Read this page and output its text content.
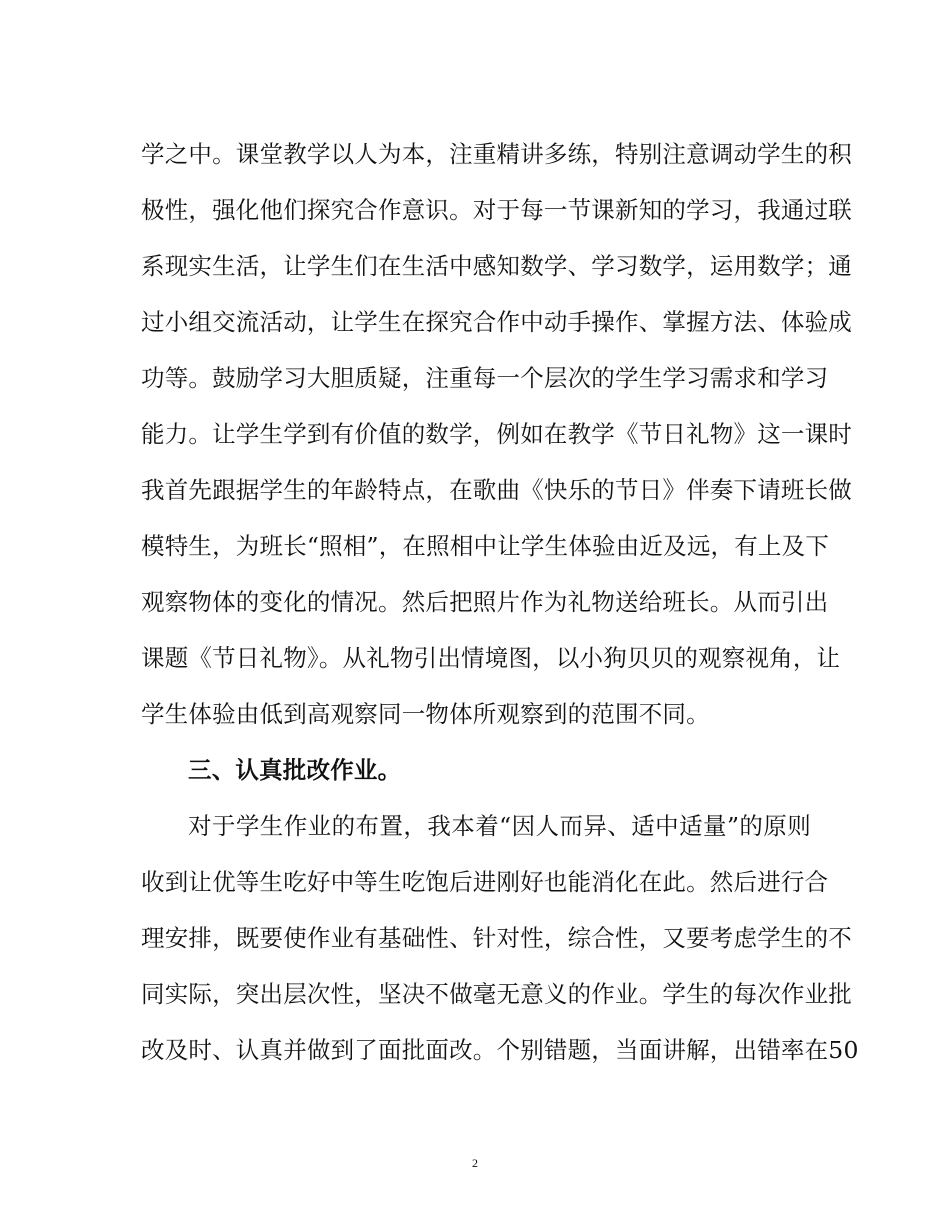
学之中。课堂教学以人为本，注重精讲多练，特别注意调动学生的积
极性，强化他们探究合作意识。对于每一节课新知的学习，我通过联
系现实生活，让学生们在生活中感知数学、学习数学，运用数学；通
过小组交流活动，让学生在探究合作中动手操作、掌握方法、体验成
功等。鼓励学习大胆质疑，注重每一个层次的学生学习需求和学习
能力。让学生学到有价值的数学，例如在教学《节日礼物》这一课时
我首先跟据学生的年龄特点，在歌曲《快乐的节日》伴奏下请班长做
模特生，为班长“照相”，在照相中让学生体验由近及远，有上及下
观察物体的变化的情况。然后把照片作为礼物送给班长。从而引出
课题《节日礼物》。从礼物引出情境图，以小狗贝贝的观察视角，让
学生体验由低到高观察同一物体所观察到的范围不同。
三、认真批改作业。
对于学生作业的布置，我本着“因人而异、适中适量”的原则
收到让优等生吃好中等生吃饱后进刚好也能消化在此。然后进行合
理安排，既要使作业有基础性、针对性，综合性，又要考虑学生的不
同实际，突出层次性，坚决不做毫无意义的作业。学生的每次作业批
改及时、认真并做到了面批面改。个别错题，当面讲解，出错率在50
2
